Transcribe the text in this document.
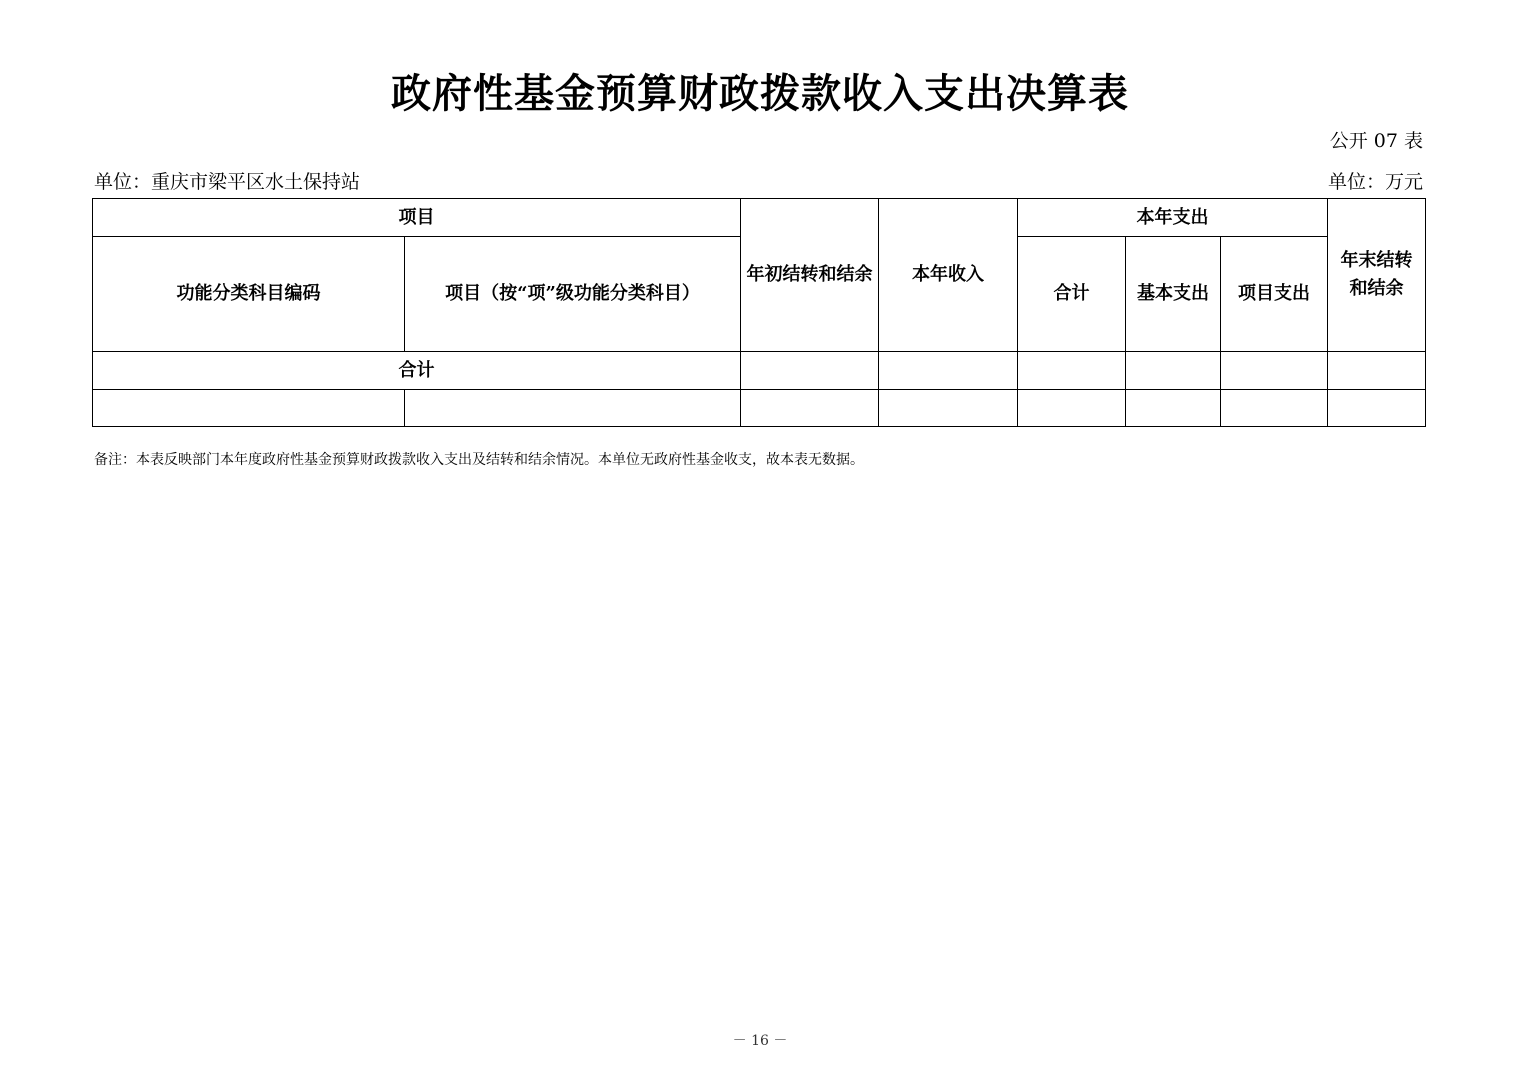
政府性基金预算财政拨款收入支出决算表
公开 07 表
单位：重庆市梁平区水土保持站	单位：万元
项目		年初结转和结余	本年收入	本年支出			年末结转和结余
功能分类科目编码	项目（按“项”级功能分类科目）			合计	基本支出	项目支出	
合计							

备注：本表反映部门本年度政府性基金预算财政拨款收入支出及结转和结余情况。本单位无政府性基金收支，故本表无数据。
－ 16 －
